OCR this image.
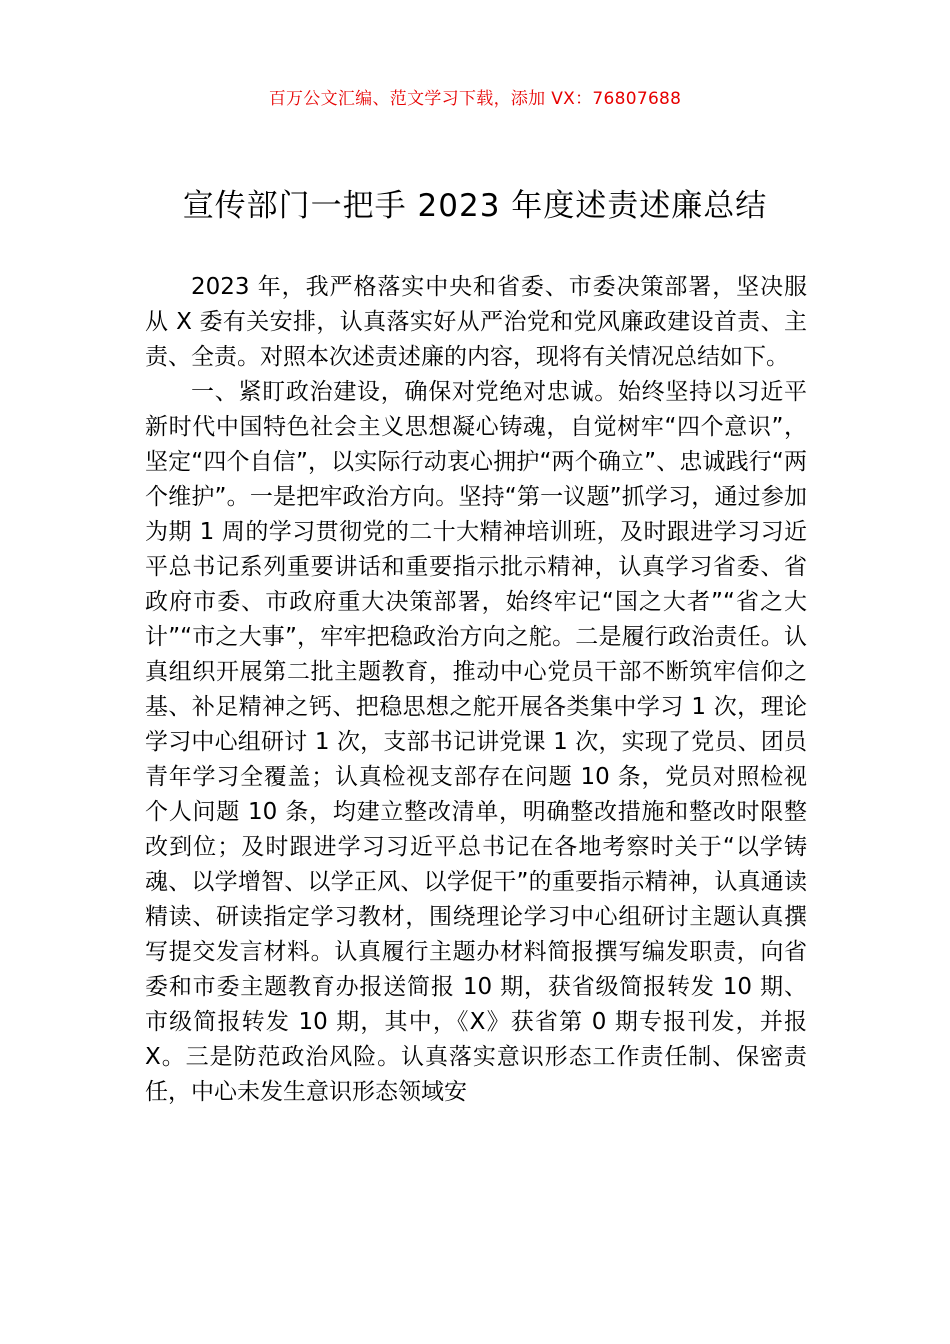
百万公文汇编、范文学习下载，添加 VX：76807688
宣传部门一把手 2023 年度述责述廉总结

2023 年，我严格落实中央和省委、市委决策部署，坚决服从 X 委有关安排，认真落实好从严治党和党风廉政建设首责、主责、全责。对照本次述责述廉的内容，现将有关情况总结如下。

一、紧盯政治建设，确保对党绝对忠诚。始终坚持以习近平新时代中国特色社会主义思想凝心铸魂，自觉树牢“四个意识”，坚定“四个自信”，以实际行动衷心拥护“两个确立”、忠诚践行“两个维护”。一是把牢政治方向。坚持“第一议题”抓学习，通过参加为期 1 周的学习贯彻党的二十大精神培训班，及时跟进学习习近平总书记系列重要讲话和重要指示批示精神，认真学习省委、省政府市委、市政府重大决策部署，始终牢记“国之大者”“省之大计”“市之大事”，牢牢把稳政治方向之舵。二是履行政治责任。认真组织开展第二批主题教育，推动中心党员干部不断筑牢信仰之基、补足精神之钙、把稳思想之舵开展各类集中学习 1 次，理论学习中心组研讨 1 次，支部书记讲党课 1 次，实现了党员、团员青年学习全覆盖；认真检视支部存在问题 10 条，党员对照检视个人问题 10 条，均建立整改清单，明确整改措施和整改时限整改到位；及时跟进学习习近平总书记在各地考察时关于“以学铸魂、以学增智、以学正风、以学促干”的重要指示精神，认真通读精读、研读指定学习教材，围绕理论学习中心组研讨主题认真撰写提交发言材料。认真履行主题办材料简报撰写编发职责，向省委和市委主题教育办报送简报 10 期，获省级简报转发 10 期、市级简报转发 10 期，其中，《X》获省第 0 期专报刊发，并报 X。三是防范政治风险。认真落实意识形态工作责任制、保密责任，中心未发生意识形态领域安
